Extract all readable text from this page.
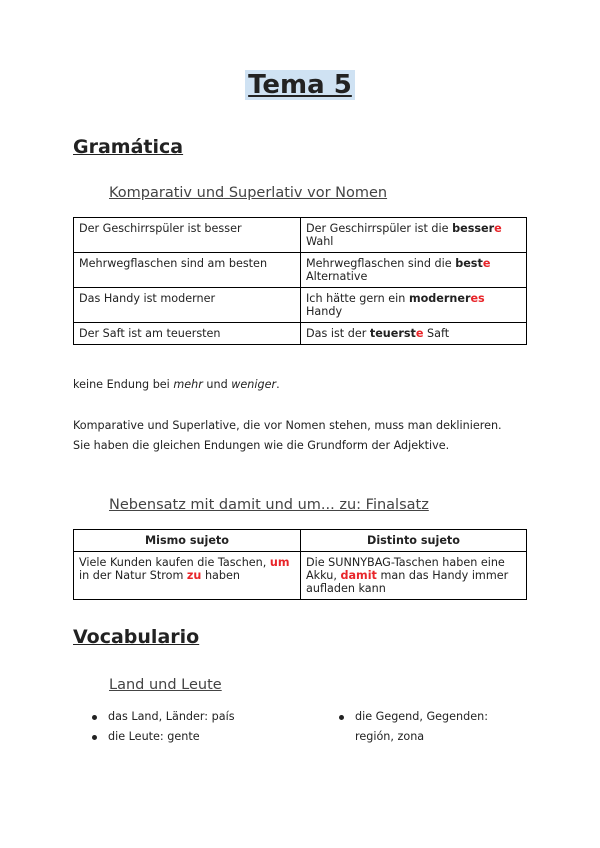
Tema 5
Gramática
Komparativ und Superlativ vor Nomen
Der Geschirrspüler ist besser	Der Geschirrspüler ist die bessere Wahl
Mehrwegflaschen sind am besten	Mehrwegflaschen sind die beste Alternative
Das Handy ist moderner	Ich hätte gern ein moderneres Handy
Der Saft ist am teuersten	Das ist der teuerste Saft
keine Endung bei mehr und weniger.
Komparative und Superlative, die vor Nomen stehen, muss man deklinieren. Sie haben die gleichen Endungen wie die Grundform der Adjektive.
Nebensatz mit damit und um... zu: Finalsatz
Mismo sujeto	Distinto sujeto
Viele Kunden kaufen die Taschen, um in der Natur Strom zu haben	Die SUNNYBAG-Taschen haben eine Akku, damit man das Handy immer aufladen kann
Vocabulario
Land und Leute
das Land, Länder: país
die Leute: gente
die Gegend, Gegenden: región, zona
